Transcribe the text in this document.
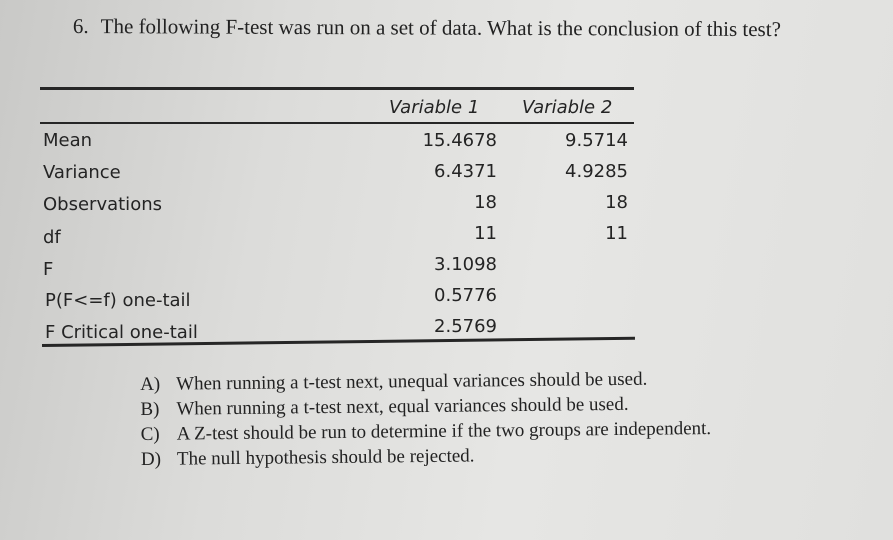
6. The following F-test was run on a set of data. What is the conclusion of this test?
Variable 1 Variable 2
Mean	15.4678	9.5714
Variance	6.4371	4.9285
Observations	18	18
df	11	11
F	3.1098
P(F<=f) one-tail	0.5776
F Critical one-tail	2.5769
A) When running a t-test next, unequal variances should be used.
B) When running a t-test next, equal variances should be used.
C) A Z-test should be run to determine if the two groups are independent.
D) The null hypothesis should be rejected.
